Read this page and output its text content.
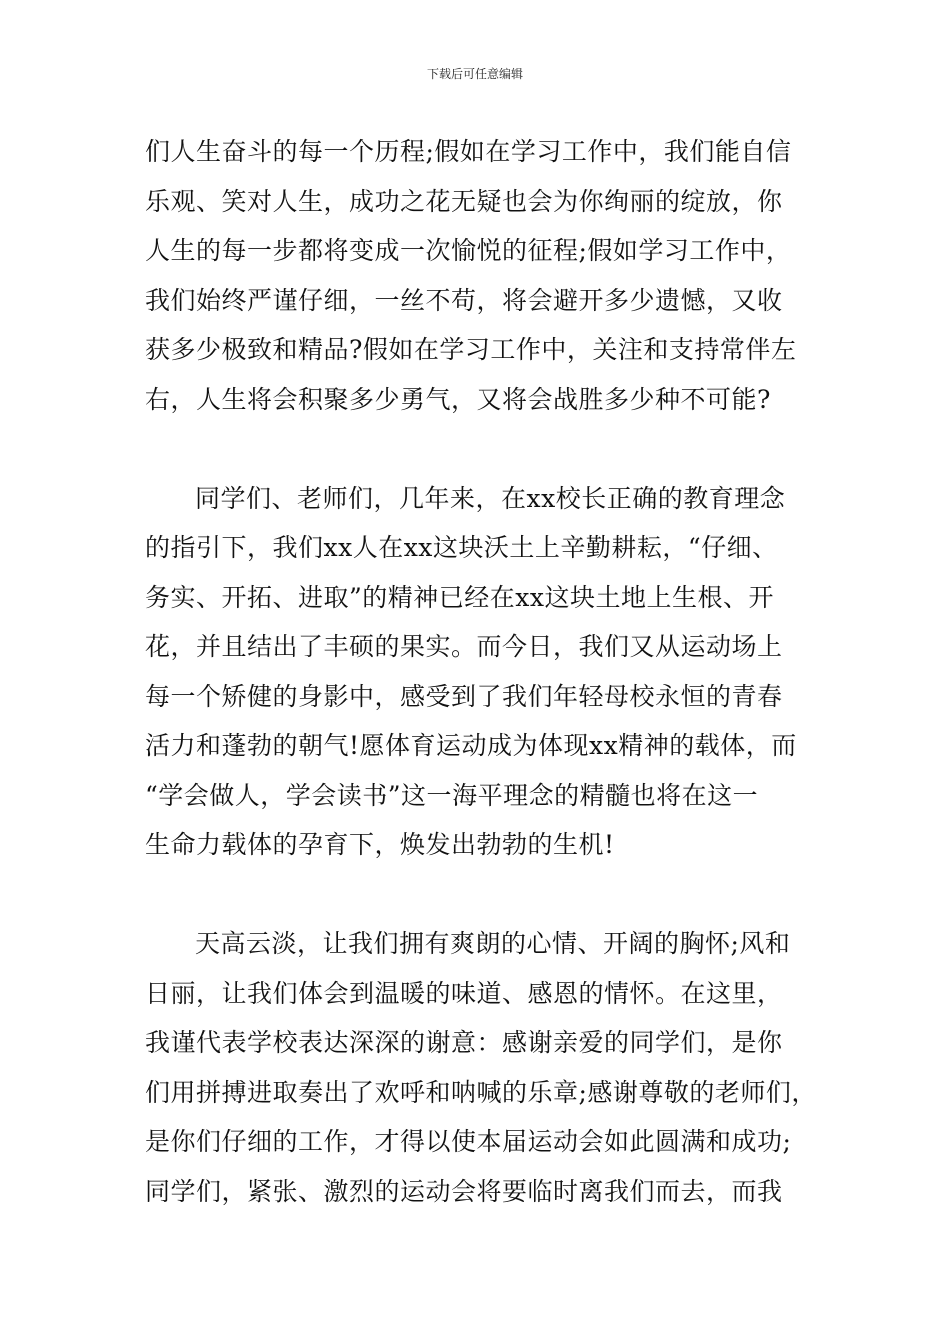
下载后可任意编辑

们人生奋斗的每一个历程;假如在学习工作中，我们能自信
乐观、笑对人生，成功之花无疑也会为你绚丽的绽放，你
人生的每一步都将变成一次愉悦的征程;假如学习工作中，
我们始终严谨仔细，一丝不苟，将会避开多少遗憾，又收
获多少极致和精品?假如在学习工作中，关注和支持常伴左
右，人生将会积聚多少勇气，又将会战胜多少种不可能?

同学们、老师们，几年来，在xx校长正确的教育理念
的指引下，我们xx人在xx这块沃土上辛勤耕耘，“仔细、
务实、开拓、进取”的精神已经在xx这块土地上生根、开
花，并且结出了丰硕的果实。而今日，我们又从运动场上
每一个矫健的身影中，感受到了我们年轻母校永恒的青春
活力和蓬勃的朝气!愿体育运动成为体现xx精神的载体，而
“学会做人，学会读书”这一海平理念的精髓也将在这一
生命力载体的孕育下，焕发出勃勃的生机!

天高云淡，让我们拥有爽朗的心情、开阔的胸怀;风和
日丽，让我们体会到温暖的味道、感恩的情怀。在这里，
我谨代表学校表达深深的谢意：感谢亲爱的同学们，是你
们用拼搏进取奏出了欢呼和呐喊的乐章;感谢尊敬的老师们，
是你们仔细的工作，才得以使本届运动会如此圆满和成功;
同学们，紧张、激烈的运动会将要临时离我们而去，而我
